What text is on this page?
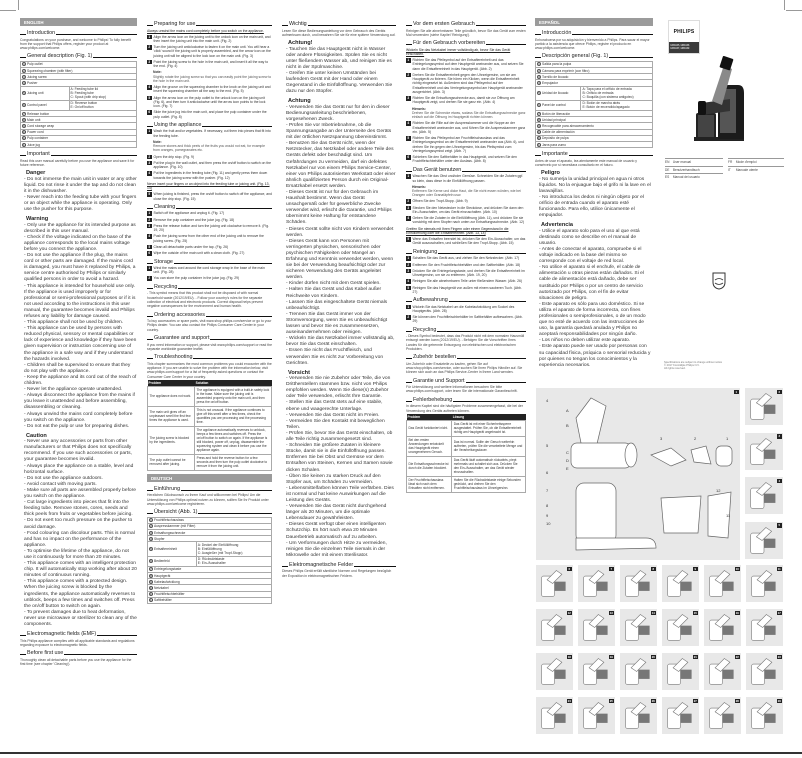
ENGLISH
Introduction
Congratulations on your purchase, and welcome to Philips! To fully benefit from the support that Philips offers, register your product at www.philips.com/welcome.
General description (Fig. 1)
1 Pulp outlet	
2 Squeezing chamber (with filter)	
3 Juicing screw	
4 Pusher	
5 Juicing unit	A: Feeding tube lid
B: Feeding tube
C: Spout (with drip stop)
6 Control panel	D: Reverse button
E: On/off button
7 Release button	
8 Main unit	
9 Cord storage wrap	
10Power cord	
11Pulp container	
12Juice jug	
Important
Read this user manual carefully before you use the appliance and save it for future reference.
Danger
- Do not immerse the main unit in water or any other liquid. Do not rinse it under the tap and do not clean it in the dishwasher.
- Never reach into the feeding tube with your fingers or an object while the appliance is operating. Only use the pusher for this purpose.
Warning
- Only use the appliance for its intended purpose as described in this user manual.
- Check if the voltage indicated on the base of the appliance corresponds to the local mains voltage before you connect the appliance.
- Do not use the appliance if the plug, the mains cord or other parts are damaged. If the mains cord is damaged, you must have it replaced by Philips, a service centre authorised by Philips or similarly qualified persons in order to avoid a hazard.
- This appliance is intended for household use only. If the appliance is used improperly or for professional or semi-professional purposes or if it is not used according to the instructions in this user manual, the guarantee becomes invalid and Philips refuses any liability for damage caused.
- This appliance shall not be used by children.
- This appliance can be used by persons with reduced physical, sensory or mental capabilities or lack of experience and knowledge if they have been given supervision or instruction concerning use of the appliance in a safe way and if they understand the hazards involved.
- Children shall be supervised to ensure that they do not play with the appliance.
- Keep the appliance and its cord out of the reach of children.
- Never let the appliance operate unattended.
- Always disconnect the appliance from the mains if you leave it unattended and before assembling, disassembling or cleaning.
- Always unwind the mains cord completely before you switch on the appliance.
- Do not eat the pulp or use for preparing dishes.
Caution
- Never use any accessories or parts from other manufacturers or that Philips does not specifically recommend. If you use such accessories or parts, your guarantee becomes invalid.
- Always place the appliance on a stable, level and horizontal surface.
- Do not use the appliance outdoors.
- Avoid contact with moving parts.
- Make sure all parts are assembled properly before you switch on the appliance.
- Cut large ingredients into pieces that fit into the feeding tube. Remove stones, cores, seeds and thick peels from fruits or vegetables before juicing.
- Do not exert too much pressure on the pusher to avoid damage.
- Food colouring can discolour parts. This is normal and has no impact on the performance of the appliance.
- To optimise the lifetime of the appliance, do not use it continuously for more than 20 minutes.
- This appliance comes with an intelligent protection chip. It will automatically stop working after about 20 minutes of continuous running.
- This appliance comes with a protected design. When the juicing screw is blocked by the ingredients, the appliance automatically reverses to unblock, beeps a few times and switches off. Press the on/off button to switch on again.
- To prevent damages due to heat deformation, never use microwave or sterilizer to clean any of the components.
Electromagnetic fields (EMF)
This Philips appliance complies with all applicable standards and regulations regarding exposure to electromagnetic fields.
Before first use
Thoroughly clean all detachable parts before you use the appliance for the first time (see chapter 'Cleaning').
Preparing for use
Always unwind the mains cord completely before you switch on the appliance.
1 Align the arrow icon on the juicing unit to the unlock icon on the main unit, and then insert the juicing unit into the main unit. (Fig. 2)
2 Turn the juicing unit anticlockwise to fasten it on the main unit. You will hear a 'click' sound if the juicing unit is properly assembled, and the arrow icon on the juicing unit will be aligned to the lock icon on the main unit. (Fig. 3)
3 Point the juicing screw to the hole in the main unit, and insert it all the way to the end. (Fig. 4)
Note:
Slightly rotate the juicing screw so that you can easily point the juicing screw to the hole in the main unit.
4 Align the groove on the squeezing chamber to the knob on the juicing unit and insert the squeezing chamber all the way to the end. (Fig. 5)
5 Align the arrow icon on the pulp outlet to the unlock icon on the juicing unit (Fig. 6), and then turn it anticlockwise until the arrow icon points to the lock icon. (Fig. 7)
6 Slide the juice jug into the main unit, and place the pulp container under the pulp outlet. (Fig. 8)
Using the appliance
1 Wash the fruit and/or vegetables. If necessary, cut them into pieces that fit into the feeding tube.
Note:
Remove stones and thick peels of the fruits you would not eat, for example from oranges, pomegranates etc.
2 Open the drip stop. (Fig. 9)
3 Put the plug in the wall outlet, and then press the on/off button to switch on the appliance. (Fig. 10)
4 Put the ingredients in the feeding tube (Fig. 11) and gently press them down towards the juicing screw with the pusher. (Fig. 12)
Never insert your fingers or an object into the feeding tube or juicing unit. (Fig. 13, 14)
5 When juicing is finished, press the on/off button to switch off the appliance, and close the drip stop. (Fig. 15)
Cleaning
1 Switch off the appliance and unplug it. (Fig. 17)
2 Remove the pulp container and the juice jug. (Fig. 18)
3 Press the release button and turn the juicing unit clockwise to remove it. (Fig. 19, 20)
4 Push the juicing screw from the other end of the juicing unit to remove the juicing screw. (Fig. 25)
5 Clean all detachable parts under the tap. (Fig. 26)
6 Wipe the outside of the main unit with a clean cloth. (Fig. 27)
Storage
1 Wind the mains cord around the cord storage wrap in the base of the main unit. (Fig. 28)
2 You can store the pulp container in the juice jug. (Fig. 29)
Recycling
- This symbol means that this product shall not be disposed of with normal household waste (2012/19/EU). - Follow your country's rules for the separate collection of electrical and electronic products. Correct disposal helps prevent negative consequences for the environment and human health.
Ordering accessories
To buy accessories or spare parts, visit www.shop.philips.com/service or go to your Philips dealer. You can also contact the Philips Consumer Care Center in your country.
Guarantee and support
If you need information or support, please visit www.philips.com/support or read the separate worldwide guarantee leaflet.
Troubleshooting
This chapter summarizes the most common problems you could encounter with the appliance. If you are unable to solve the problem with the information below, visit www.philips.com/support for a list of frequently asked questions or contact the Consumer Care Center in your country.
Problem	Solution
The appliance does not work.	The appliance is equipped with a built-in safety lock in the base. Make sure the juicing unit is assembled properly onto the main unit, and then press the on/off button.
The main unit gives off an unpleasant smell the first few times the appliance is used.	This is not unusual. If the appliance continues to give off this smell after a few times, check the quantities you are processing and the processing time.
The juicing screw is blocked by the ingredients.	The appliance automatically reverses to unblock, beeps a few times and switches off. Press the on/off button to switch on again. If the appliance is still blocked, power off, unplug, disassemble the squeezing system and clean it before you use the appliance again.
The pulp outlet cannot be removed after juicing.	Press and hold the reverse button for a few seconds and then turn the pulp outlet clockwise to remove it from the juicing unit.
DEUTSCH
Einführung
Herzlichen Glückwunsch zu Ihrem Kauf und willkommen bei Philips! Um die Unterstützung von Philips optimal nutzen zu können, sollten Sie Ihr Produkt unter www.philips.com/welcome registrieren.
Übersicht (Abb. 1)
1 Fruchtfleischauslass	
2 Auspresskammer (mit Filter)	
3 Entsaftungsschnecke	
4 Stopfer	
5 Entsaftereinheit	A: Deckel der Einfüllöffnung
B: Einfüllöffnung
C: Ausgießer (mit Tropf-Stopp)
6 Bedienfeld	D: Rückwärtstaste
E: Ein-/Ausschalter
7 Entriegelungstaste	
8 Hauptgerät	
9 Kabelaufwicklung	
10Netzkabel	
11Fruchtfleischbehälter	
12Saftbehälter	
Wichtig
Lesen Sie diese Bedienungsanleitung vor dem Gebrauch des Geräts aufmerksam durch, und bewahren Sie sie für eine spätere Verwendung auf.
Achtung!
- Tauchen Sie das Hauptgerät nicht in Wasser oder andere Flüssigkeiten. Spülen Sie es nicht unter fließendem Wasser ab, und reinigen Sie es nicht in der Spülmaschine.
- Greifen Sie unter keinen Umständen bei laufendem Gerät mit der Hand oder einem Gegenstand in die Einfüllöffnung. Verwenden Sie dazu nur den Stopfer.
Achtung
- Verwenden Sie das Gerät nur für den in dieser Bedienungsanleitung beschriebenen, vorgesehenen Zweck.
- Prüfen Sie vor Inbetriebnahme, ob die Spannungsangabe an der Unterseite des Geräts mit der örtlichen Netzspannung übereinstimmt.
- Benutzen Sie das Gerät nicht, wenn der Netzstecker, das Netzkabel oder andere Teile des Geräts defekt oder beschädigt sind. Um Gefährdungen zu vermeiden, darf ein defektes Netzkabel nur von einem Philips Service-Center, einer von Philips autorisierten Werkstatt oder einer ähnlich qualifizierten Person durch ein Original-Ersatzkabel ersetzt werden.
- Dieses Gerät ist nur für den Gebrauch im Haushalt bestimmt. Wenn das Gerät unsachgemäß oder für gewerbliche Zwecke verwendet wird, erlischt die Garantie, und Philips übernimmt keine Haftung für entstandene Schäden.
- Dieses Gerät sollte nicht von Kindern verwendet werden.
- Dieses Gerät kann von Personen mit verringerten physischen, sensorischen oder psychischen Fähigkeiten oder Mangel an Erfahrung und Kenntnis verwendet werden, wenn sie bei der Verwendung beaufsichtigt oder zur sicheren Verwendung des Geräts angeleitet werden.
- Kinder dürfen nicht mit dem Gerät spielen.
- Halten Sie das Gerät und das Kabel außer Reichweite von Kindern.
- Lassen Sie das eingeschaltete Gerät niemals unbeaufsichtigt.
- Trennen Sie das Gerät immer von der Stromversorgung, wenn Sie es unbeaufsichtigt lassen und bevor Sie es zusammensetzen, auseinandernehmen oder reinigen.
- Wickeln Sie das Netzkabel immer vollständig ab, bevor Sie das Gerät einschalten.
- Essen Sie nicht das Fruchtfleisch, und verwenden Sie es nicht zur Vorbereitung von Gerichten.
Vorsicht
- Verwenden Sie nie Zubehör oder Teile, die von Drittherstellern stammen bzw. nicht von Philips empfohlen werden. Wenn Sie diese(s) Zubehör oder Teile verwenden, erlischt Ihre Garantie.
- Stellen Sie das Gerät stets auf eine stabile, ebene und waagerechte Unterlage.
- Verwenden Sie das Gerät nicht im Freien.
- Vermeiden Sie den Kontakt mit beweglichen Teilen.
- Prüfen Sie, bevor Sie das Gerät einschalten, ob alle Teile richtig zusammengesetzt sind.
- Schneiden Sie größere Zutaten in kleinere Stücke, damit sie in die Einfüllöffnung passen. Entfernen Sie bei Obst und Gemüse vor dem Entsaften von Steinen, Kernen und Samen sowie dicken Schalen.
- Üben Sie keinen zu starken Druck auf den Stopfer aus, um Schäden zu vermeiden.
- Lebensmittelfarben können Teile verfärben. Dies ist normal und hat keine Auswirkungen auf die Leistung des Geräts.
- Verwenden Sie das Gerät nicht durchgehend länger als 20 Minuten, um die optimale Lebensdauer zu gewährleisten.
- Dieses Gerät verfügt über einen intelligenten Schutzchip. Es hört nach etwa 20 Minuten Dauerbetrieb automatisch auf zu arbeiten.
- Um Verformungen durch Hitze zu vermeiden, reinigen Sie die einzelnen Teile niemals in der Mikrowelle oder mit einem Sterilisator.
Elektromagnetische Felder
Dieses Philips Gerät erfüllt sämtliche Normen und Regelungen bezüglich der Exposition in elektromagnetischen Feldern.
Vor dem ersten Gebrauch
Reinigen Sie alle abnehmbaren Teile gründlich, bevor Sie das Gerät zum ersten Mal verwenden (siehe Kapitel 'Reinigung').
Für den Gebrauch vorbereiten
Wickeln Sie das Netzkabel immer vollständig ab, bevor Sie das Gerät einschalten.
1 Richten Sie das Pfeilsymbol auf der Entsaftereinheit und das Entriegelungssymbol auf dem Hauptgerät aneinander aus, und setzen Sie dann die Entsaftereinheit in das Hauptgerät. (Abb. 2)
2 Drehen Sie die Entsaftereinheit gegen den Uhrzeigersinn, um sie am Hauptgerät zu fixieren. Sie hören ein Klicken, wenn die Entsaftereinheit richtig eingesetzt ist. Außerdem sind das Pfeilsymbol auf der Entsaftereinheit und das Verriegelungssymbol am Hauptgerät aneinander ausgerichtet. (Abb. 3)
3 Richten Sie die Entsaftungsschnecke aus, damit sie zur Öffnung am Hauptgerät zeigt, und drehen Sie sie ganz ein. (Abb. 4)
Hinweis:
Drehen Sie die Schnecke etwas, sodass Sie die Entsaftungsschnecke ganz einfach auf die Öffnung im Hauptgerät richten können.
4 Richten Sie die Rille auf der Auspresskammer und die Noppe an der Entsaftereinheit aneinander aus, und führen Sie die Auspresskammer ganz ein. (Abb. 5)
5 Richten Sie das Pfeilsymbol am Fruchtfleischauslass und das Entriegelungssymbol an der Entsaftereinheit aneinander aus (Abb. 6), und drehen Sie ihn gegen den Uhrzeigersinn, bis das Pfeilsymbol zum Verriegelungssymbol zeigt. (Abb. 7)
6 Schieben Sie den Saftbehälter in das Hauptgerät, und setzen Sie den Fruchtfleischbehälter unter den Auslass. (Abb. 8)
Das Gerät benutzen
1 Waschen Sie das Obst und/oder Gemüse. Schneiden Sie die Zutaten ggf. so klein, dass diese in die Einfüllöffnung passen.
Hinweis:
Entfernen Sie Kerne und dicke Haut, die Sie nicht essen würden, wie bei Orangen oder Granatäpfeln usw.
2 Öffnen Sie den Tropf-Stopp. (Abb. 9)
3 Stecken Sie den Netzstecker in die Steckdose, und drücken Sie dann den Ein-/Ausschalter, um das Gerät einzuschalten. (Abb. 10)
4 Geben Sie die Zutaten in die Einfüllöffnung (Abb. 11), und drücken Sie sie vorsichtig mit dem Stopfer nach unten zur Entsaftungsschnecke. (Abb. 12)
Greifen Sie niemals mit Ihren Fingern oder einem Gegenstand in die Einfüllöffnung oder die Entsaftereinheit. (Abb. 13, 14)
5 Wenn das Entsaften beendet ist, drücken Sie den Ein-/Ausschalter, um das Gerät auszuschalten, und schließen Sie den Tropf-Stopp. (Abb. 15)
Reinigung
1 Schalten Sie das Gerät aus, und ziehen Sie den Netzstecker. (Abb. 17)
2 Entfernen Sie den Fruchtfleischbehälter und den Saftbehälter. (Abb. 18)
3 Drücken Sie die Entriegelungstaste, und drehen Sie die Entsaftereinheit im Uhrzeigersinn, um sie zu entfernen. (Abb. 19, 20)
4 Reinigen Sie alle abnehmbaren Teile unter fließendem Wasser. (Abb. 26)
5 Reinigen Sie das Hauptgerät von außen mit einem sauberen Tuch. (Abb. 27)
Aufbewahrung
1 Wickeln Sie das Netzkabel um die Kabelaufwicklung am Sockel des Hauptgeräts. (Abb. 28)
2 Sie können den Fruchtfleischbehälter im Saftbehälter aufbewahren. (Abb. 29)
Recycling
- Dieses Symbol bedeutet, dass das Produkt nicht mit dem normalen Hausmüll entsorgt werden kann (2012/19/EU). - Befolgen Sie die Vorschriften Ihres Landes für die getrennte Entsorgung von elektrischen und elektronischen Produkten.
Zubehör bestellen
Um Zubehör oder Ersatzteile zu kaufen, gehen Sie auf www.shop.philips.com/service, oder suchen Sie Ihren Philips Händler auf. Sie können sich auch an das Philips Service-Center in Ihrem Land wenden.
Garantie und Support
Für Unterstützung und weitere Informationen besuchen Sie bitte www.philips.com/support, oder lesen Sie die internationale Garantieschrift.
Fehlerbehebung
In diesem Kapitel sind die häufigsten Probleme zusammengefasst, die bei der Verwendung des Geräts auftreten können.
Problem	Lösung
Das Gerät funktioniert nicht.	Das Gerät ist mit einer Sicherheitssperre ausgestattet. Prüfen Sie, ob die Entsaftereinheit richtig am Hauptgerät angebracht ist.
Bei den ersten Anwendungen entwickelt das Hauptgerät einen unangenehmen Geruch.	Das ist normal. Sollte der Geruch weiterhin auftreten, prüfen Sie die verarbeitete Menge und die Verarbeitungsdauer.
Die Entsaftungsschnecke ist durch die Zutaten blockiert.	Das Gerät läuft automatisch rückwärts, piept mehrmals und schaltet sich aus. Drücken Sie den Ein-/Ausschalter, um das Gerät wieder einzuschalten.
Der Fruchtfleischauslass lässt sich nach dem Entsaften nicht entfernen.	Halten Sie die Rückwärtstaste einige Sekunden gedrückt, und drehen Sie den Fruchtfleischauslass im Uhrzeigersinn.
ESPAÑOL
Introducción
Enhorabuena por su adquisición y bienvenido a Philips. Para sacar el mayor partido a la asistencia que ofrece Philips, registre el producto en www.philips.com/welcome.
Descripción general (Fig. 1)
1 Salida para la pulpa	
2 Cámara para exprimir (con filtro)	
3 Tornillo de licuado	
4 Empujador	
5 Unidad de licuado	A: Tapa para el orificio de entrada
B: Orificio de entrada
C: Boquilla (con sistema antigoteo)
6 Panel de control	D: Botón de marcha atrás
E: Botón de encendido/apagado
7 Botón de liberación	
8 Unidad principal	
9 Recogecable para almacenamiento	
10Cable de alimentación	
11Depósito de pulpa	
12Jarra para zumo	
Importante
Antes de usar el aparato, lea atentamente este manual de usuario y consérvelo por si necesitara consultarlo en el futuro.
Peligro
- No sumerja la unidad principal en agua ni otros líquidos. No la enjuague bajo el grifo ni la lave en el lavavajillas.
- No introduzca los dedos ni ningún objeto por el orificio de entrada cuando el aparato esté funcionando. Para ello, utilice únicamente el empujador.
Advertencia
- Utilice el aparato solo para el uso al que está destinado como se describe en el manual de usuario.
- Antes de conectar el aparato, compruebe si el voltaje indicado en la base del mismo se corresponde con el voltaje de red local.
- No utilice el aparato si el enchufe, el cable de alimentación u otras piezas están dañados. Si el cable de alimentación está dañado, debe ser sustituido por Philips o por un centro de servicio autorizado por Philips, con el fin de evitar situaciones de peligro.
- Este aparato es sólo para uso doméstico. Si se utiliza el aparato de forma incorrecta, con fines profesionales o semiprofesionales, o de un modo que no esté de acuerdo con las instrucciones de uso, la garantía quedará anulada y Philips no aceptará responsabilidades por ningún daño.
- Los niños no deben utilizar este aparato.
- Este aparato puede ser usado por personas con su capacidad física, psíquica o sensorial reducida y por quienes no tengan los conocimientos y la experiencia necesarios.
PHILIPS
HR1945, HR1946 HR1947, HR1949
EN User manual
DE Benutzerhandbuch
ES Manual del usuario
FR Mode d'emploi
IT Manuale utente
Specifications are subject to change without notice
© 2017 Koninklijke Philips N.V.
All rights reserved.
1
1
2
3
4
5
6
7
8
9
10
11
12
A
B
C
D
E
2
3
4
5
6	7	8	9	10	11
12	13	14	15	16	17
18	19	20	21	22	23
24	25	26	27	28	29
